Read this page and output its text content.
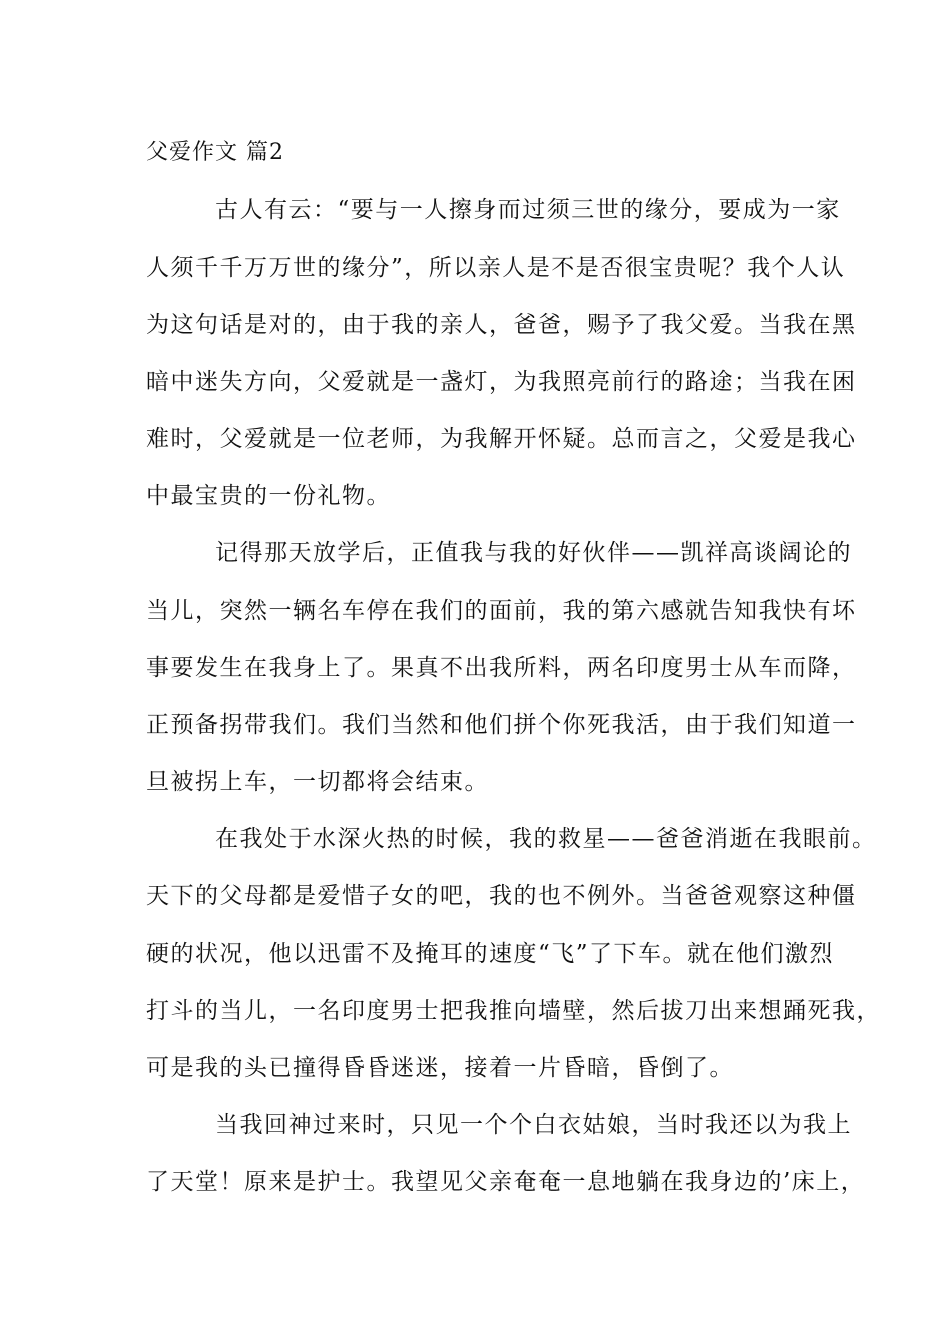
父爱作文 篇2
古人有云：“要与一人擦身而过须三世的缘分，要成为一家
人须千千万万世的缘分”，所以亲人是不是否很宝贵呢？我个人认
为这句话是对的，由于我的亲人，爸爸，赐予了我父爱。当我在黑
暗中迷失方向，父爱就是一盏灯，为我照亮前行的路途；当我在困
难时，父爱就是一位老师，为我解开怀疑。总而言之，父爱是我心
中最宝贵的一份礼物。
记得那天放学后，正值我与我的好伙伴——凯祥高谈阔论的
当儿，突然一辆名车停在我们的面前，我的第六感就告知我快有坏
事要发生在我身上了。果真不出我所料，两名印度男士从车而降，
正预备拐带我们。我们当然和他们拼个你死我活，由于我们知道一
旦被拐上车，一切都将会结束。
在我处于水深火热的时候，我的救星——爸爸消逝在我眼前。
天下的父母都是爱惜子女的吧，我的也不例外。当爸爸观察这种僵
硬的状况，他以迅雷不及掩耳的速度“飞”了下车。就在他们激烈
打斗的当儿，一名印度男士把我推向墙壁，然后拔刀出来想踊死我，
可是我的头已撞得昏昏迷迷，接着一片昏暗，昏倒了。
当我回神过来时，只见一个个白衣姑娘，当时我还以为我上
了天堂！原来是护士。我望见父亲奄奄一息地躺在我身边的’床上，
